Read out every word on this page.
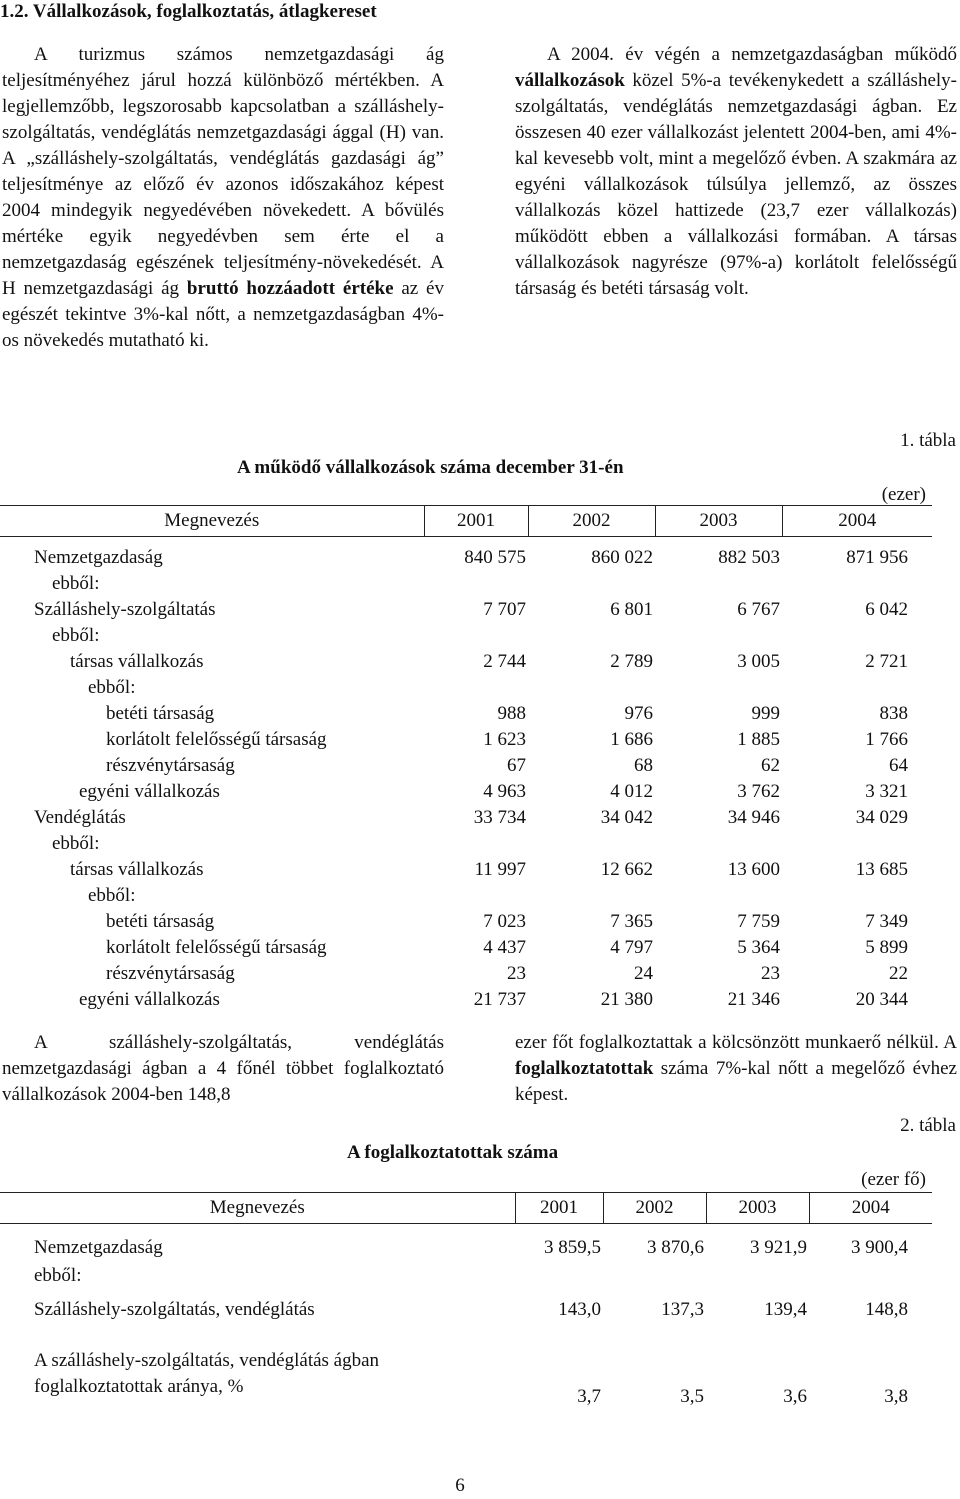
1.2. Vállalkozások, foglalkoztatás, átlagkereset

A turizmus számos nemzetgazdasági ág teljesítményéhez járul hozzá különböző mértékben. A legjellemzőbb, legszorosabb kapcsolatban a szálláshely-szolgáltatás, vendéglátás nemzetgazdasági ággal (H) van. A „szálláshely-szolgáltatás, vendéglátás gazdasági ág” teljesítménye az előző év azonos időszakához képest 2004 mindegyik negyedévében növekedett. A bővülés mértéke egyik negyedévben sem érte el a nemzetgazdaság egészének teljesítmény-növekedését. A H nemzetgazdasági ág bruttó hozzáadott értéke az év egészét tekintve 3%-kal nőtt, a nemzetgazdaságban 4%-os növekedés mutatható ki.

A 2004. év végén a nemzetgazdaságban működő vállalkozások közel 5%-a tevékenykedett a szálláshely-szolgáltatás, vendéglátás nemzetgazdasági ágban. Ez összesen 40 ezer vállalkozást jelentett 2004-ben, ami 4%-kal kevesebb volt, mint a megelőző évben. A szakmára az egyéni vállalkozások túlsúlya jellemző, az összes vállalkozás közel hattizede (23,7 ezer vállalkozás) működött ebben a vállalkozási formában. A társas vállalkozások nagyrésze (97%-a) korlátolt felelősségű társaság és betéti társaság volt.

1. tábla
A működő vállalkozások száma december 31-én
(ezer)
Megnevezés	2001	2002	2003	2004

Nemzetgazdaság	840 575	860 022	882 503	871 956
ebből:				
Szálláshely-szolgáltatás	7 707	6 801	6 767	6 042
ebből:				
társas vállalkozás	2 744	2 789	3 005	2 721
ebből:				
betéti társaság	988	976	999	838
korlátolt felelősségű társaság	1 623	1 686	1 885	1 766
részvénytársaság	67	68	62	64
egyéni vállalkozás	4 963	4 012	3 762	3 321
Vendéglátás	33 734	34 042	34 946	34 029
ebből:				
társas vállalkozás	11 997	12 662	13 600	13 685
ebből:				
betéti társaság	7 023	7 365	7 759	7 349
korlátolt felelősségű társaság	4 437	4 797	5 364	5 899
részvénytársaság	23	24	23	22
egyéni vállalkozás	21 737	21 380	21 346	20 344

A szálláshely-szolgáltatás, vendéglátás nemzetgazdasági ágban a 4 főnél többet foglalkoztató vállalkozások 2004-ben 148,8

ezer főt foglalkoztattak a kölcsönzött munkaerő nélkül. A foglalkoztatottak száma 7%-kal nőtt a megelőző évhez képest.

2. tábla
A foglalkoztatottak száma
(ezer fő)
Megnevezés	2001	2002	2003	2004

Nemzetgazdaság	3 859,5	3 870,6	3 921,9	3 900,4
ebből:				
Szálláshely-szolgáltatás, vendéglátás	143,0	137,3	139,4	148,8
A szálláshely-szolgáltatás, vendéglátás ágban foglalkoztatottak aránya, %	3,7	3,5	3,6	3,8
6
